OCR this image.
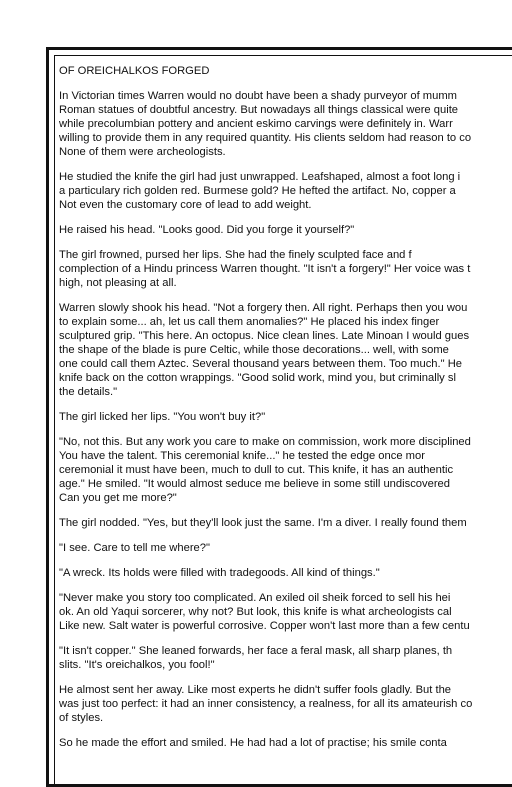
OF OREICHALKOS FORGED
In Victorian times Warren would no doubt have been a shady purveyor of mumm
Roman statues of doubtful ancestry. But nowadays all things classical were quite
while precolumbian pottery and ancient eskimo carvings were definitely in. Warr
willing to provide them in any required quantity. His clients seldom had reason to co
None of them were archeologists.
He studied the knife the girl had just unwrapped. Leafshaped, almost a foot long i
a particulary rich golden red. Burmese gold? He hefted the artifact. No, copper a
Not even the customary core of lead to add weight.
He raised his head. "Looks good. Did you forge it yourself?"
The girl frowned, pursed her lips. She had the finely sculpted face and f
complection of a Hindu princess Warren thought. "It isn't a forgery!" Her voice was t
high, not pleasing at all.
Warren slowly shook his head. "Not a forgery then. All right. Perhaps then you wou
to explain some... ah, let us call them anomalies?" He placed his index finger
sculptured grip. "This here. An octopus. Nice clean lines. Late Minoan I would gues
the shape of the blade is pure Celtic, while those decorations... well, with some
one could call them Aztec. Several thousand years between them. Too much." He
knife back on the cotton wrappings. "Good solid work, mind you, but criminally sl
the details."
The girl licked her lips. "You won't buy it?"
"No, not this. But any work you care to make on commission, work more disciplined
You have the talent. This ceremonial knife..." he tested the edge once mor
ceremonial it must have been, much to dull to cut. This knife, it has an authentic
age." He smiled. "It would almost seduce me believe in some still undiscovered
Can you get me more?"
The girl nodded. "Yes, but they'll look just the same. I'm a diver. I really found them
"I see. Care to tell me where?"
"A wreck. Its holds were filled with tradegoods. All kind of things."
"Never make you story too complicated. An exiled oil sheik forced to sell his hei
ok. An old Yaqui sorcerer, why not? But look, this knife is what archeologists cal
Like new. Salt water is powerful corrosive. Copper won't last more than a few centu
"It isn't copper." She leaned forwards, her face a feral mask, all sharp planes, th
slits. "It's oreichalkos, you fool!"
He almost sent her away. Like most experts he didn't suffer fools gladly. But the
was just too perfect: it had an inner consistency, a realness, for all its amateurish co
of styles.
So he made the effort and smiled. He had had a lot of practise; his smile conta
